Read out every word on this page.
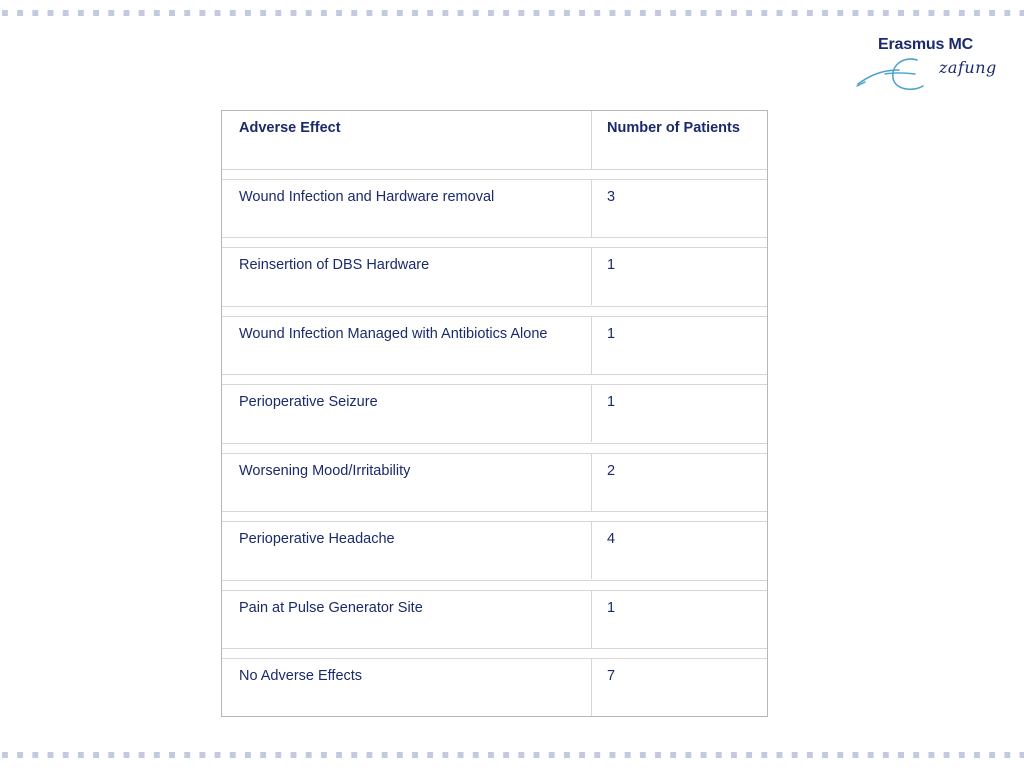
Erasmus MC
zafung
Adverse Effect	Number of Patients
Wound Infection and Hardware removal	3
Reinsertion of DBS Hardware	1
Wound Infection Managed with Antibiotics Alone	1
Perioperative Seizure	1
Worsening Mood/Irritability	2
Perioperative Headache	4
Pain at Pulse Generator Site	1
No Adverse Effects	7
